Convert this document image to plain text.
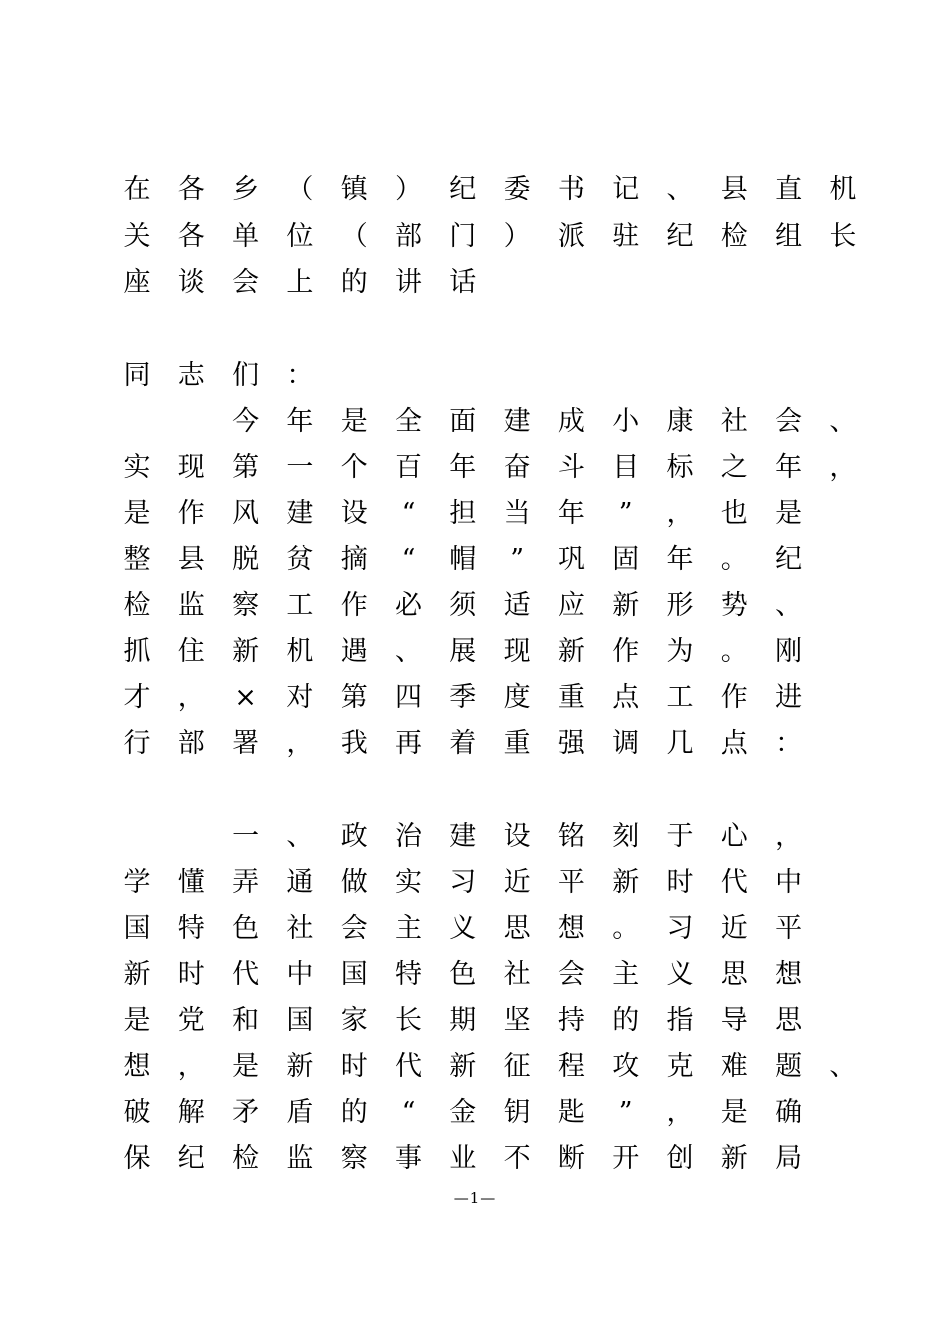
在 各 乡 （ 镇 ） 纪 委 书 记 、 县 直 机
关 各 单 位 （ 部 门 ） 派 驻 纪 检 组 长
座 谈 会 上 的 讲 话
同 志 们 ：
今 年 是 全 面 建 成 小 康 社 会 、
实 现 第 一 个 百 年 奋 斗 目 标 之 年 ，
是 作 风 建 设	“	担 当 年	”	， 也 是
整 县 脱 贫 摘	“	帽	”	巩 固 年 。 纪
检 监 察 工 作 必 须 适 应 新 形 势 、
抓 住 新 机 遇 、 展 现 新 作 为 。 刚
才 ，	×	对 第 四 季 度 重 点 工 作 进
行 部 署 ， 我 再 着 重 强 调 几 点 ：
一 、 政 治 建 设 铭 刻 于 心 ，
学 懂 弄 通 做 实 习 近 平 新 时 代 中
国 特 色 社 会 主 义 思 想 。 习 近 平
新 时 代 中 国 特 色 社 会 主 义 思 想
是 党 和 国 家 长 期 坚 持 的 指 导 思
想 ， 是 新 时 代 新 征 程 攻 克 难 题 、
破 解 矛 盾 的	“	金 钥 匙	”	， 是 确
保 纪 检 监 察 事 业 不 断 开 创 新 局
—1—
